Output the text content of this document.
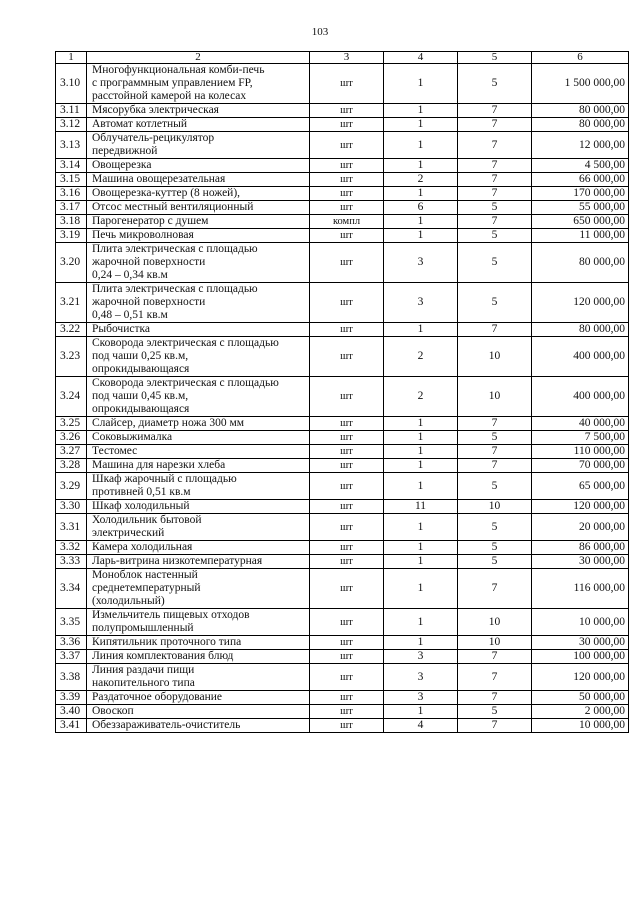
103
1	2	3	4	5	6
3.10	Многофункциональная комби-печь
с программным управлением FP,
расстойной камерой на колесах	шт	1	5	1 500 000,00
3.11	Мясорубка электрическая	шт	1	7	80 000,00
3.12	Автомат котлетный	шт	1	7	80 000,00
3.13	Облучатель-рецикулятор
передвижной	шт	1	7	12 000,00
3.14	Овощерезка	шт	1	7	4 500,00
3.15	Машина овощерезательная	шт	2	7	66 000,00
3.16	Овощерезка-куттер (8 ножей),	шт	1	7	170 000,00
3.17	Отсос местный вентиляционный	шт	6	5	55 000,00
3.18	Парогенератор с душем	компл	1	7	650 000,00
3.19	Печь микроволновая	шт	1	5	11 000,00
3.20	Плита электрическая с площадью
жарочной поверхности
0,24 – 0,34 кв.м	шт	3	5	80 000,00
3.21	Плита электрическая с площадью
жарочной поверхности
0,48 – 0,51 кв.м	шт	3	5	120 000,00
3.22	Рыбочистка	шт	1	7	80 000,00
3.23	Сковорода электрическая с площадью
под чаши 0,25 кв.м,
опрокидывающаяся	шт	2	10	400 000,00
3.24	Сковорода электрическая с площадью
под чаши 0,45 кв.м,
опрокидывающаяся	шт	2	10	400 000,00
3.25	Слайсер, диаметр ножа 300 мм	шт	1	7	40 000,00
3.26	Соковыжималка	шт	1	5	7 500,00
3.27	Тестомес	шт	1	7	110 000,00
3.28	Машина для нарезки хлеба	шт	1	7	70 000,00
3.29	Шкаф жарочный с площадью
противней 0,51 кв.м	шт	1	5	65 000,00
3.30	Шкаф холодильный	шт	11	10	120 000,00
3.31	Холодильник бытовой
электрический	шт	1	5	20 000,00
3.32	Камера холодильная	шт	1	5	86 000,00
3.33	Ларь-витрина низкотемпературная	шт	1	5	30 000,00
3.34	Моноблок настенный
среднетемпературный
(холодильный)	шт	1	7	116 000,00
3.35	Измельчитель пищевых отходов
полупромышленный	шт	1	10	10 000,00
3.36	Кипятильник проточного типа	шт	1	10	30 000,00
3.37	Линия комплектования блюд	шт	3	7	100 000,00
3.38	Линия раздачи пищи
накопительного типа	шт	3	7	120 000,00
3.39	Раздаточное оборудование	шт	3	7	50 000,00
3.40	Овоскоп	шт	1	5	2 000,00
3.41	Обеззараживатель-очиститель	шт	4	7	10 000,00
